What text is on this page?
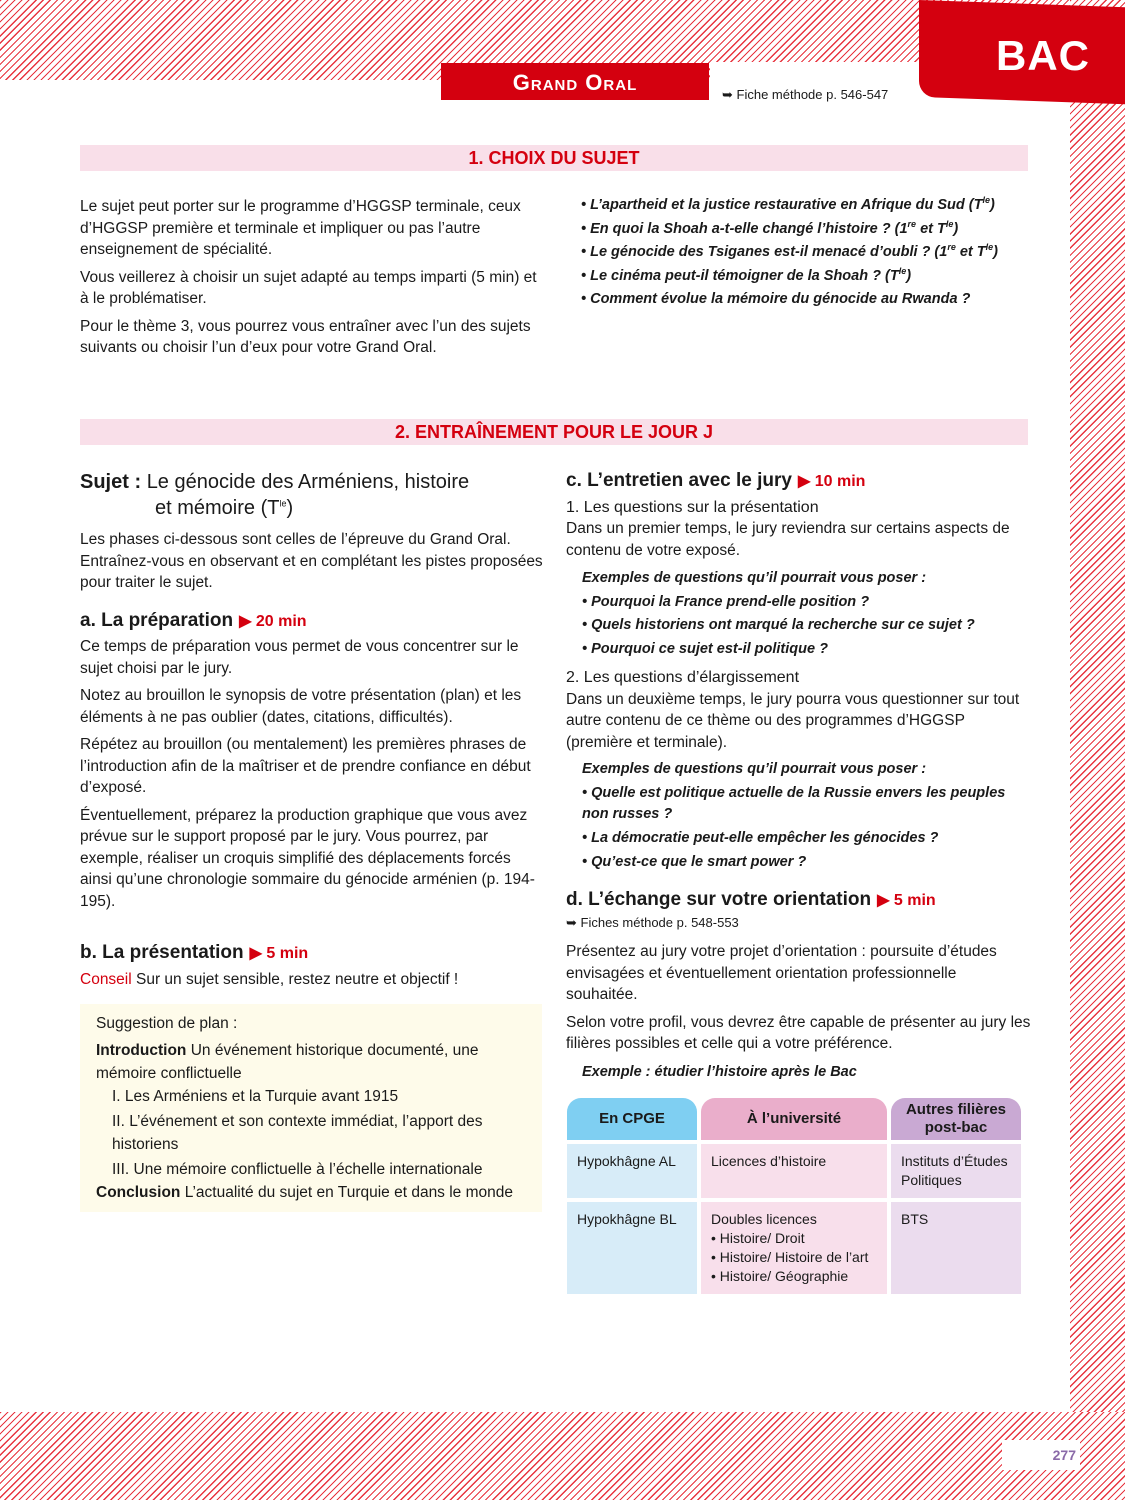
Grand Oral	➥ Fiche méthode p. 546-547
BAC
1. CHOIX DU SUJET

Le sujet peut porter sur le programme d’HGGSP terminale, ceux d’HGGSP première et terminale et impliquer ou pas l’autre enseignement de spécialité.

Vous veillerez à choisir un sujet adapté au temps imparti (5 min) et à le problématiser.

Pour le thème 3, vous pourrez vous entraîner avec l’un des sujets suivants ou choisir l’un d’eux pour votre Grand Oral.

• L’apartheid et la justice restaurative en Afrique du Sud $(T^{le})$
• En quoi la Shoah a-t-elle changé l’histoire ? (1re et $T^{le}$)
• Le génocide des Tsiganes est-il menacé d’oubli ? (1re et $T^{le}$)
• Le cinéma peut-il témoigner de la Shoah ? $(T^{le})$
• Comment évolue la mémoire du génocide au Rwanda ?
2. ENTRAÎNEMENT POUR LE JOUR J
Sujet : Le génocide des Arméniens, histoire
et mémoire $(T^{le})$

Les phases ci-dessous sont celles de l’épreuve du Grand Oral. Entraînez-vous en observant et en complétant les pistes proposées pour traiter le sujet.

a. La préparation ▶ 20 min

Ce temps de préparation vous permet de vous concentrer sur le sujet choisi par le jury.

Notez au brouillon le synopsis de votre présentation (plan) et les éléments à ne pas oublier (dates, citations, difficultés).

Répétez au brouillon (ou mentalement) les premières phrases de l’introduction afin de la maîtriser et de prendre confiance en début d’exposé.

Éventuellement, préparez la production graphique que vous avez prévue sur le support proposé par le jury. Vous pourrez, par exemple, réaliser un croquis simplifié des déplacements forcés ainsi qu’une chronologie sommaire du génocide arménien (p. 194-195).

b. La présentation ▶ 5 min

Conseil Sur un sujet sensible, restez neutre et objectif !

Suggestion de plan :
Introduction Un événement historique documenté, une mémoire conflictuelle
I. Les Arméniens et la Turquie avant 1915
II. L’événement et son contexte immédiat, l’apport des historiens
III. Une mémoire conflictuelle à l’échelle internationale
Conclusion L’actualité du sujet en Turquie et dans le monde
c. L’entretien avec le jury ▶ 10 min
1. Les questions sur la présentation

Dans un premier temps, le jury reviendra sur certains aspects de contenu de votre exposé.

Exemples de questions qu’il pourrait vous poser :
• Pourquoi la France prend-elle position ?
• Quels historiens ont marqué la recherche sur ce sujet ?
• Pourquoi ce sujet est-il politique ?
2. Les questions d’élargissement

Dans un deuxième temps, le jury pourra vous questionner sur tout autre contenu de ce thème ou des programmes d’HGGSP (première et terminale).

Exemples de questions qu’il pourrait vous poser :
• Quelle est politique actuelle de la Russie envers les peuples non russes ?
• La démocratie peut-elle empêcher les génocides ?
• Qu’est-ce que le smart power ?
d. L’échange sur votre orientation ▶ 5 min
➥ Fiches méthode p. 548-553

Présentez au jury votre projet d’orientation : poursuite d’études envisagées et éventuellement orientation professionnelle souhaitée.

Selon votre profil, vous devrez être capable de présenter au jury les filières possibles et celle qui a votre préférence.

Exemple : étudier l’histoire après le Bac
En CPGE	À l’université	Autres filières post-bac
Hypokhâgne AL	Licences d’histoire	Instituts d’Études Politiques
Hypokhâgne BL	Doubles licences
• Histoire/ Droit
• Histoire/ Histoire de l’art
• Histoire/ Géographie	BTS
277
